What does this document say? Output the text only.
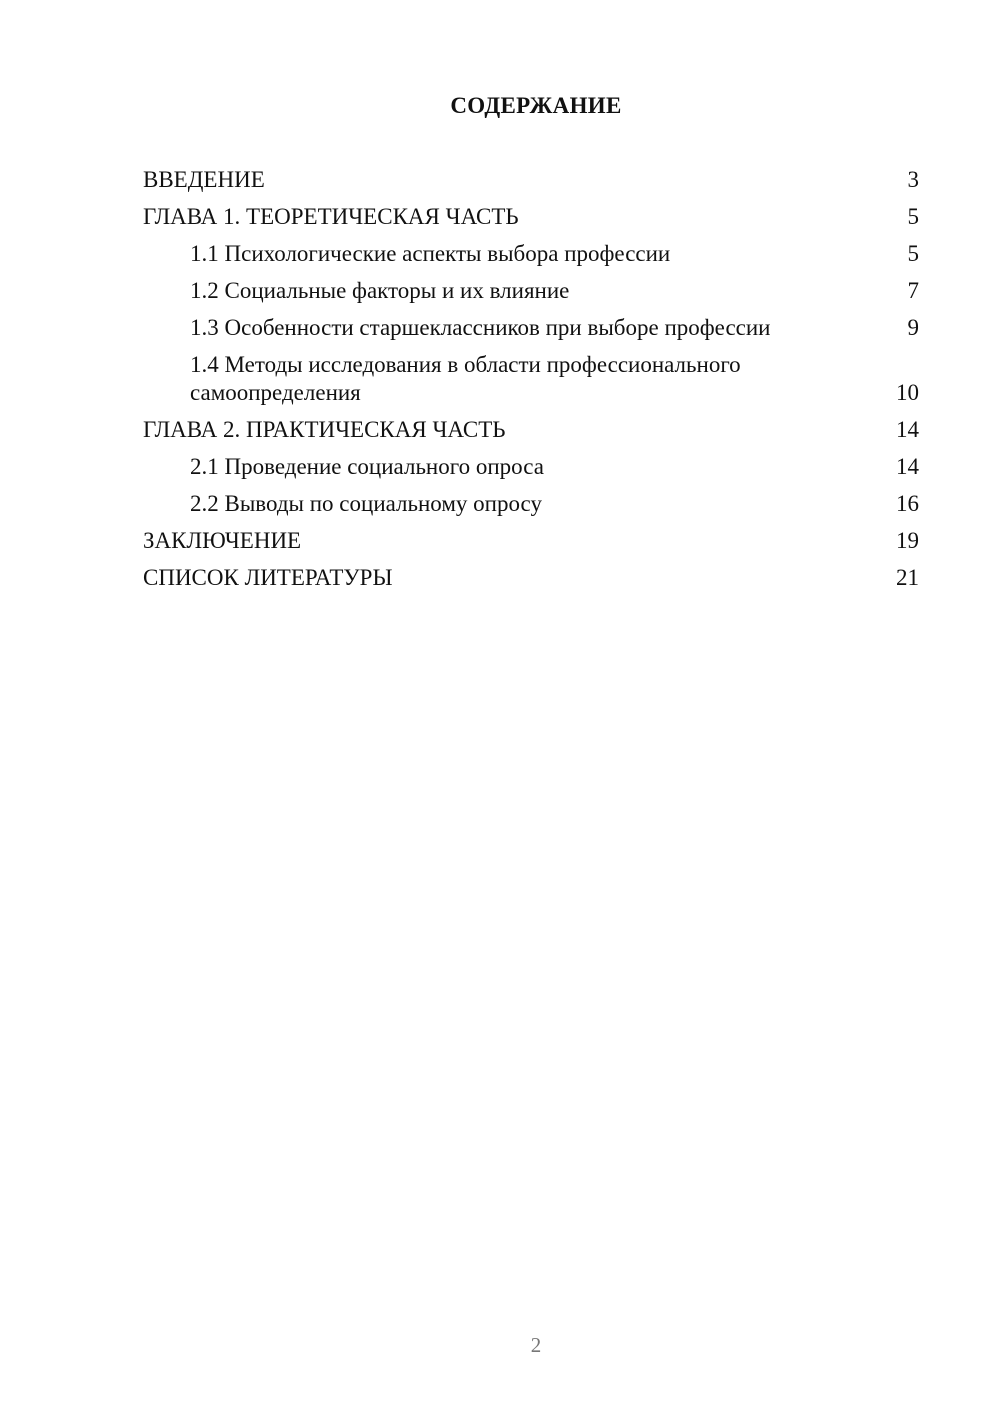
СОДЕРЖАНИЕ
ВВЕДЕНИЕ	3
ГЛАВА 1. ТЕОРЕТИЧЕСКАЯ ЧАСТЬ	5
1.1 Психологические аспекты выбора профессии	5
1.2 Социальные факторы и их влияние	7
1.3 Особенности старшеклассников при выборе профессии	9
1.4 Методы исследования в области профессионального самоопределения	10
ГЛАВА 2. ПРАКТИЧЕСКАЯ ЧАСТЬ	14
2.1 Проведение социального опроса	14
2.2 Выводы по социальному опросу	16
ЗАКЛЮЧЕНИЕ	19
СПИСОК ЛИТЕРАТУРЫ	21
2
